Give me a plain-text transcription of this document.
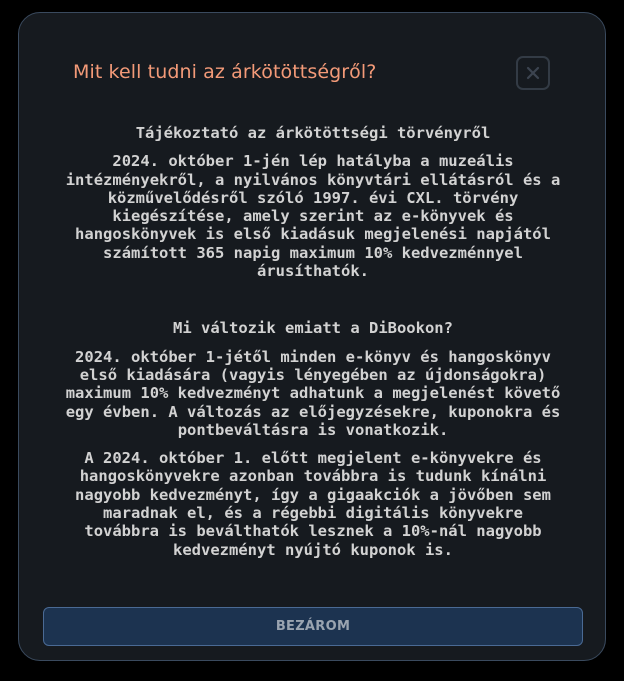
Mit kell tudni az árkötöttségről?
Tájékoztató az árkötöttségi törvényről

2024. október 1-jén lép hatályba a muzeális intézményekről, a nyilvános könyvtári ellátásról és a közművelődésről szóló 1997. évi CXL. törvény kiegészítése, amely szerint az e-könyvek és hangoskönyvek is első kiadásuk megjelenési napjától számított 365 napig maximum 10% kedvezménnyel árusíthatók.

Mi változik emiatt a DiBookon?

2024. október 1-jétől minden e-könyv és hangoskönyv első kiadására (vagyis lényegében az újdonságokra) maximum 10% kedvezményt adhatunk a megjelenést követő egy évben. A változás az előjegyzésekre, kuponokra és pontbeváltásra is vonatkozik.

A 2024. október 1. előtt megjelent e-könyvekre és hangoskönyvekre azonban továbbra is tudunk kínálni nagyobb kedvezményt, így a gigaakciók a jövőben sem maradnak el, és a régebbi digitális könyvekre továbbra is beválthatók lesznek a 10%-nál nagyobb kedvezményt nyújtó kuponok is.

BEZÁROM
